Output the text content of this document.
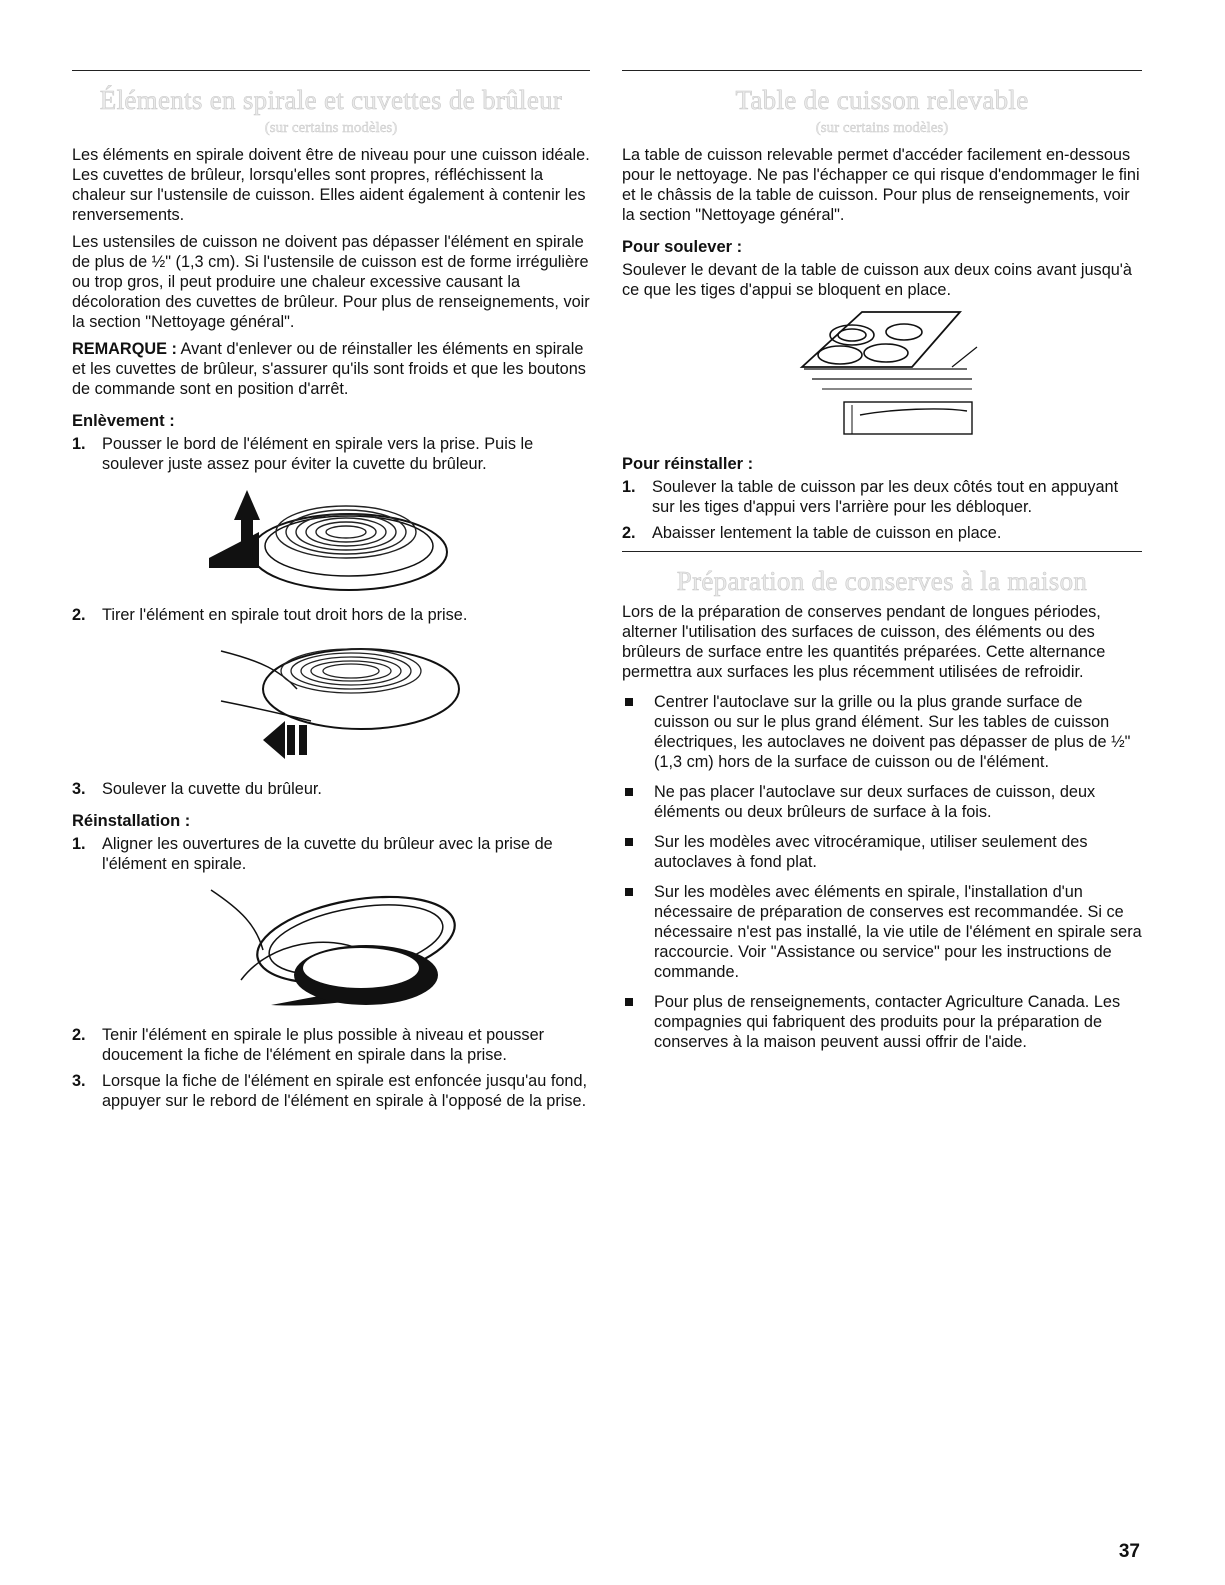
Éléments en spirale et cuvettes de brûleur
(sur certains modèles)

Les éléments en spirale doivent être de niveau pour une cuisson idéale. Les cuvettes de brûleur, lorsqu'elles sont propres, réfléchissent la chaleur sur l'ustensile de cuisson. Elles aident également à contenir les renversements.

Les ustensiles de cuisson ne doivent pas dépasser l'élément en spirale de plus de ½" (1,3 cm). Si l'ustensile de cuisson est de forme irrégulière ou trop gros, il peut produire une chaleur excessive causant la décoloration des cuvettes de brûleur. Pour plus de renseignements, voir la section "Nettoyage général".

REMARQUE : Avant d'enlever ou de réinstaller les éléments en spirale et les cuvettes de brûleur, s'assurer qu'ils sont froids et que les boutons de commande sont en position d'arrêt.

Enlèvement :
1. Pousser le bord de l'élément en spirale vers la prise. Puis le soulever juste assez pour éviter la cuvette du brûleur.
2. Tirer l'élément en spirale tout droit hors de la prise.
3. Soulever la cuvette du brûleur.
Réinstallation :
1. Aligner les ouvertures de la cuvette du brûleur avec la prise de l'élément en spirale.
2. Tenir l'élément en spirale le plus possible à niveau et pousser doucement la fiche de l'élément en spirale dans la prise.
3. Lorsque la fiche de l'élément en spirale est enfoncée jusqu'au fond, appuyer sur le rebord de l'élément en spirale à l'opposé de la prise.
Table de cuisson relevable
(sur certains modèles)

La table de cuisson relevable permet d'accéder facilement en-dessous pour le nettoyage. Ne pas l'échapper ce qui risque d'endommager le fini et le châssis de la table de cuisson. Pour plus de renseignements, voir la section "Nettoyage général".

Pour soulever :

Soulever le devant de la table de cuisson aux deux coins avant jusqu'à ce que les tiges d'appui se bloquent en place.

Pour réinstaller :
1. Soulever la table de cuisson par les deux côtés tout en appuyant sur les tiges d'appui vers l'arrière pour les débloquer.
2. Abaisser lentement la table de cuisson en place.
Préparation de conserves à la maison

Lors de la préparation de conserves pendant de longues périodes, alterner l'utilisation des surfaces de cuisson, des éléments ou des brûleurs de surface entre les quantités préparées. Cette alternance permettra aux surfaces les plus récemment utilisées de refroidir.

Centrer l'autoclave sur la grille ou la plus grande surface de cuisson ou sur le plus grand élément. Sur les tables de cuisson électriques, les autoclaves ne doivent pas dépasser de plus de ½" (1,3 cm) hors de la surface de cuisson ou de l'élément.
Ne pas placer l'autoclave sur deux surfaces de cuisson, deux éléments ou deux brûleurs de surface à la fois.
Sur les modèles avec vitrocéramique, utiliser seulement des autoclaves à fond plat.
Sur les modèles avec éléments en spirale, l'installation d'un nécessaire de préparation de conserves est recommandée. Si ce nécessaire n'est pas installé, la vie utile de l'élément en spirale sera raccourcie. Voir "Assistance ou service" pour les instructions de commande.
Pour plus de renseignements, contacter Agriculture Canada. Les compagnies qui fabriquent des produits pour la préparation de conserves à la maison peuvent aussi offrir de l'aide.
37
